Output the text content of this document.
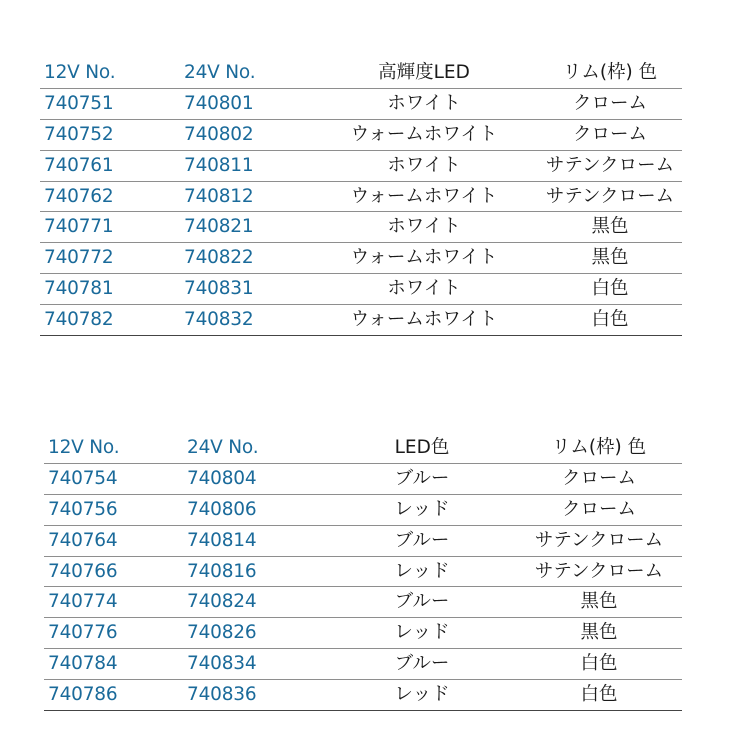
12V No.	24V No.	高輝度LED	リム(枠) 色
740751	740801	ホワイト	クローム
740752	740802	ウォームホワイト	クローム
740761	740811	ホワイト	サテンクローム
740762	740812	ウォームホワイト	サテンクローム
740771	740821	ホワイト	黒色
740772	740822	ウォームホワイト	黒色
740781	740831	ホワイト	白色
740782	740832	ウォームホワイト	白色
12V No.	24V No.	LED色	リム(枠) 色
740754	740804	ブルー	クローム
740756	740806	レッド	クローム
740764	740814	ブルー	サテンクローム
740766	740816	レッド	サテンクローム
740774	740824	ブルー	黒色
740776	740826	レッド	黒色
740784	740834	ブルー	白色
740786	740836	レッド	白色
